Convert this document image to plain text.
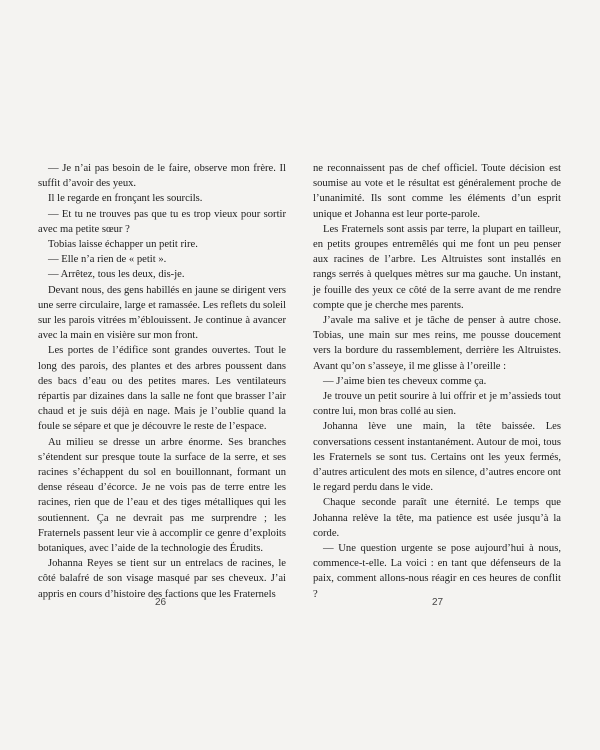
— Je n’ai pas besoin de le faire, observe mon frère. Il suffit d’avoir des yeux.

Il le regarde en fronçant les sourcils.

— Et tu ne trouves pas que tu es trop vieux pour sortir avec ma petite sœur ?

Tobias laisse échapper un petit rire.

— Elle n’a rien de « petit ».

— Arrêtez, tous les deux, dis-je.

Devant nous, des gens habillés en jaune se dirigent vers une serre circulaire, large et ramassée. Les reflets du soleil sur les parois vitrées m’éblouissent. Je continue à avancer avec la main en visière sur mon front.

Les portes de l’édifice sont grandes ouvertes. Tout le long des parois, des plantes et des arbres poussent dans des bacs d’eau ou des petites mares. Les ventilateurs répartis par dizaines dans la salle ne font que brasser l’air chaud et je suis déjà en nage. Mais je l’oublie quand la foule se sépare et que je découvre le reste de l’espace.

Au milieu se dresse un arbre énorme. Ses branches s’étendent sur presque toute la surface de la serre, et ses racines s’échappent du sol en bouillonnant, formant un dense réseau d’écorce. Je ne vois pas de terre entre les racines, rien que de l’eau et des tiges métalliques qui les soutiennent. Ça ne devrait pas me surprendre ; les Fraternels passent leur vie à accomplir ce genre d’exploits botaniques, avec l’aide de la technologie des Érudits.

Johanna Reyes se tient sur un entrelacs de racines, le côté balafré de son visage masqué par ses cheveux. J’ai appris en cours d’histoire des factions que les Fraternels

26

ne reconnaissent pas de chef officiel. Toute décision est soumise au vote et le résultat est généralement proche de l’unanimité. Ils sont comme les éléments d’un esprit unique et Johanna est leur porte-parole.

Les Fraternels sont assis par terre, la plupart en tailleur, en petits groupes entremêlés qui me font un peu penser aux racines de l’arbre. Les Altruistes sont installés en rangs serrés à quelques mètres sur ma gauche. Un instant, je fouille des yeux ce côté de la serre avant de me rendre compte que je cherche mes parents.

J’avale ma salive et je tâche de penser à autre chose. Tobias, une main sur mes reins, me pousse doucement vers la bordure du rassemblement, derrière les Altruistes. Avant qu’on s’asseye, il me glisse à l’oreille :

— J’aime bien tes cheveux comme ça.

Je trouve un petit sourire à lui offrir et je m’assieds tout contre lui, mon bras collé au sien.

Johanna lève une main, la tête baissée. Les conversations cessent instantanément. Autour de moi, tous les Fraternels se sont tus. Certains ont les yeux fermés, d’autres articulent des mots en silence, d’autres encore ont le regard perdu dans le vide.

Chaque seconde paraît une éternité. Le temps que Johanna relève la tête, ma patience est usée jusqu’à la corde.

— Une question urgente se pose aujourd’hui à nous, commence-t-elle. La voici : en tant que défenseurs de la paix, comment allons-nous réagir en ces heures de conflit ?

27
